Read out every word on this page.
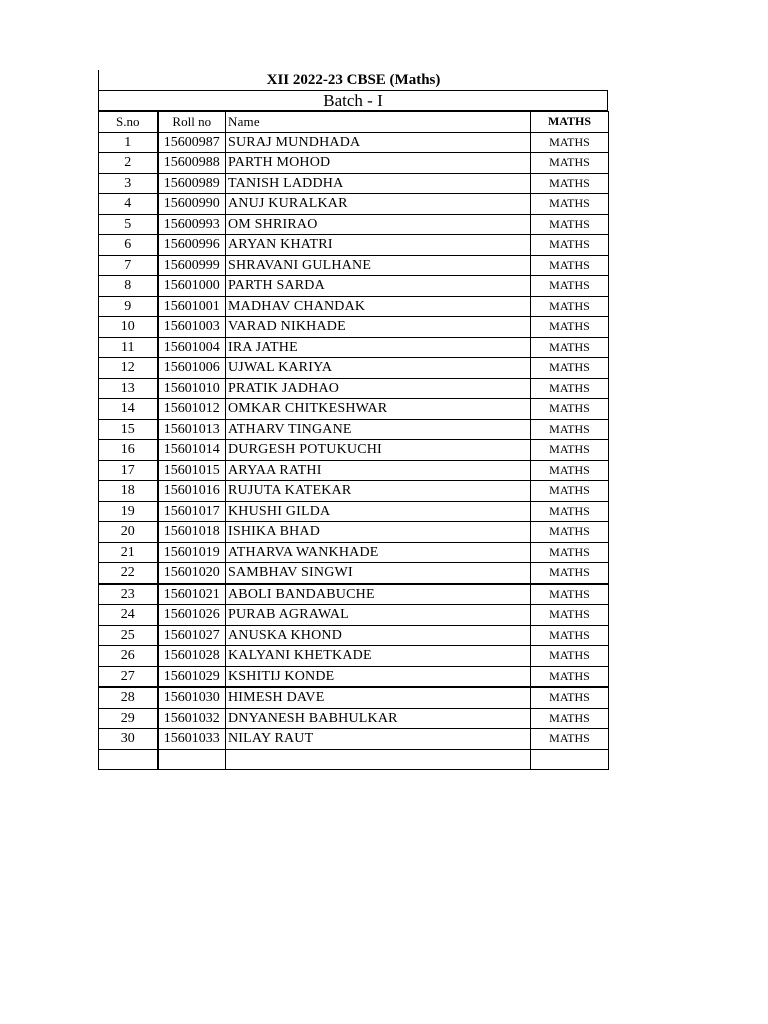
XII 2022-23 CBSE (Maths)
Batch - I
S.no	Roll no	Name	MATHS
1	15600987	SURAJ MUNDHADA	MATHS
2	15600988	PARTH MOHOD	MATHS
3	15600989	TANISH LADDHA	MATHS
4	15600990	ANUJ KURALKAR	MATHS
5	15600993	OM SHRIRAO	MATHS
6	15600996	ARYAN KHATRI	MATHS
7	15600999	SHRAVANI GULHANE	MATHS
8	15601000	PARTH SARDA	MATHS
9	15601001	MADHAV CHANDAK	MATHS
10	15601003	VARAD NIKHADE	MATHS
11	15601004	IRA JATHE	MATHS
12	15601006	UJWAL KARIYA	MATHS
13	15601010	PRATIK JADHAO	MATHS
14	15601012	OMKAR CHITKESHWAR	MATHS
15	15601013	ATHARV TINGANE	MATHS
16	15601014	DURGESH POTUKUCHI	MATHS
17	15601015	ARYAA RATHI	MATHS
18	15601016	RUJUTA KATEKAR	MATHS
19	15601017	KHUSHI GILDA	MATHS
20	15601018	ISHIKA BHAD	MATHS
21	15601019	ATHARVA WANKHADE	MATHS
22	15601020	SAMBHAV SINGWI	MATHS
23	15601021	ABOLI BANDABUCHE	MATHS
24	15601026	PURAB AGRAWAL	MATHS
25	15601027	ANUSKA KHOND	MATHS
26	15601028	KALYANI KHETKADE	MATHS
27	15601029	KSHITIJ KONDE	MATHS
28	15601030	HIMESH DAVE	MATHS
29	15601032	DNYANESH BABHULKAR	MATHS
30	15601033	NILAY RAUT	MATHS
